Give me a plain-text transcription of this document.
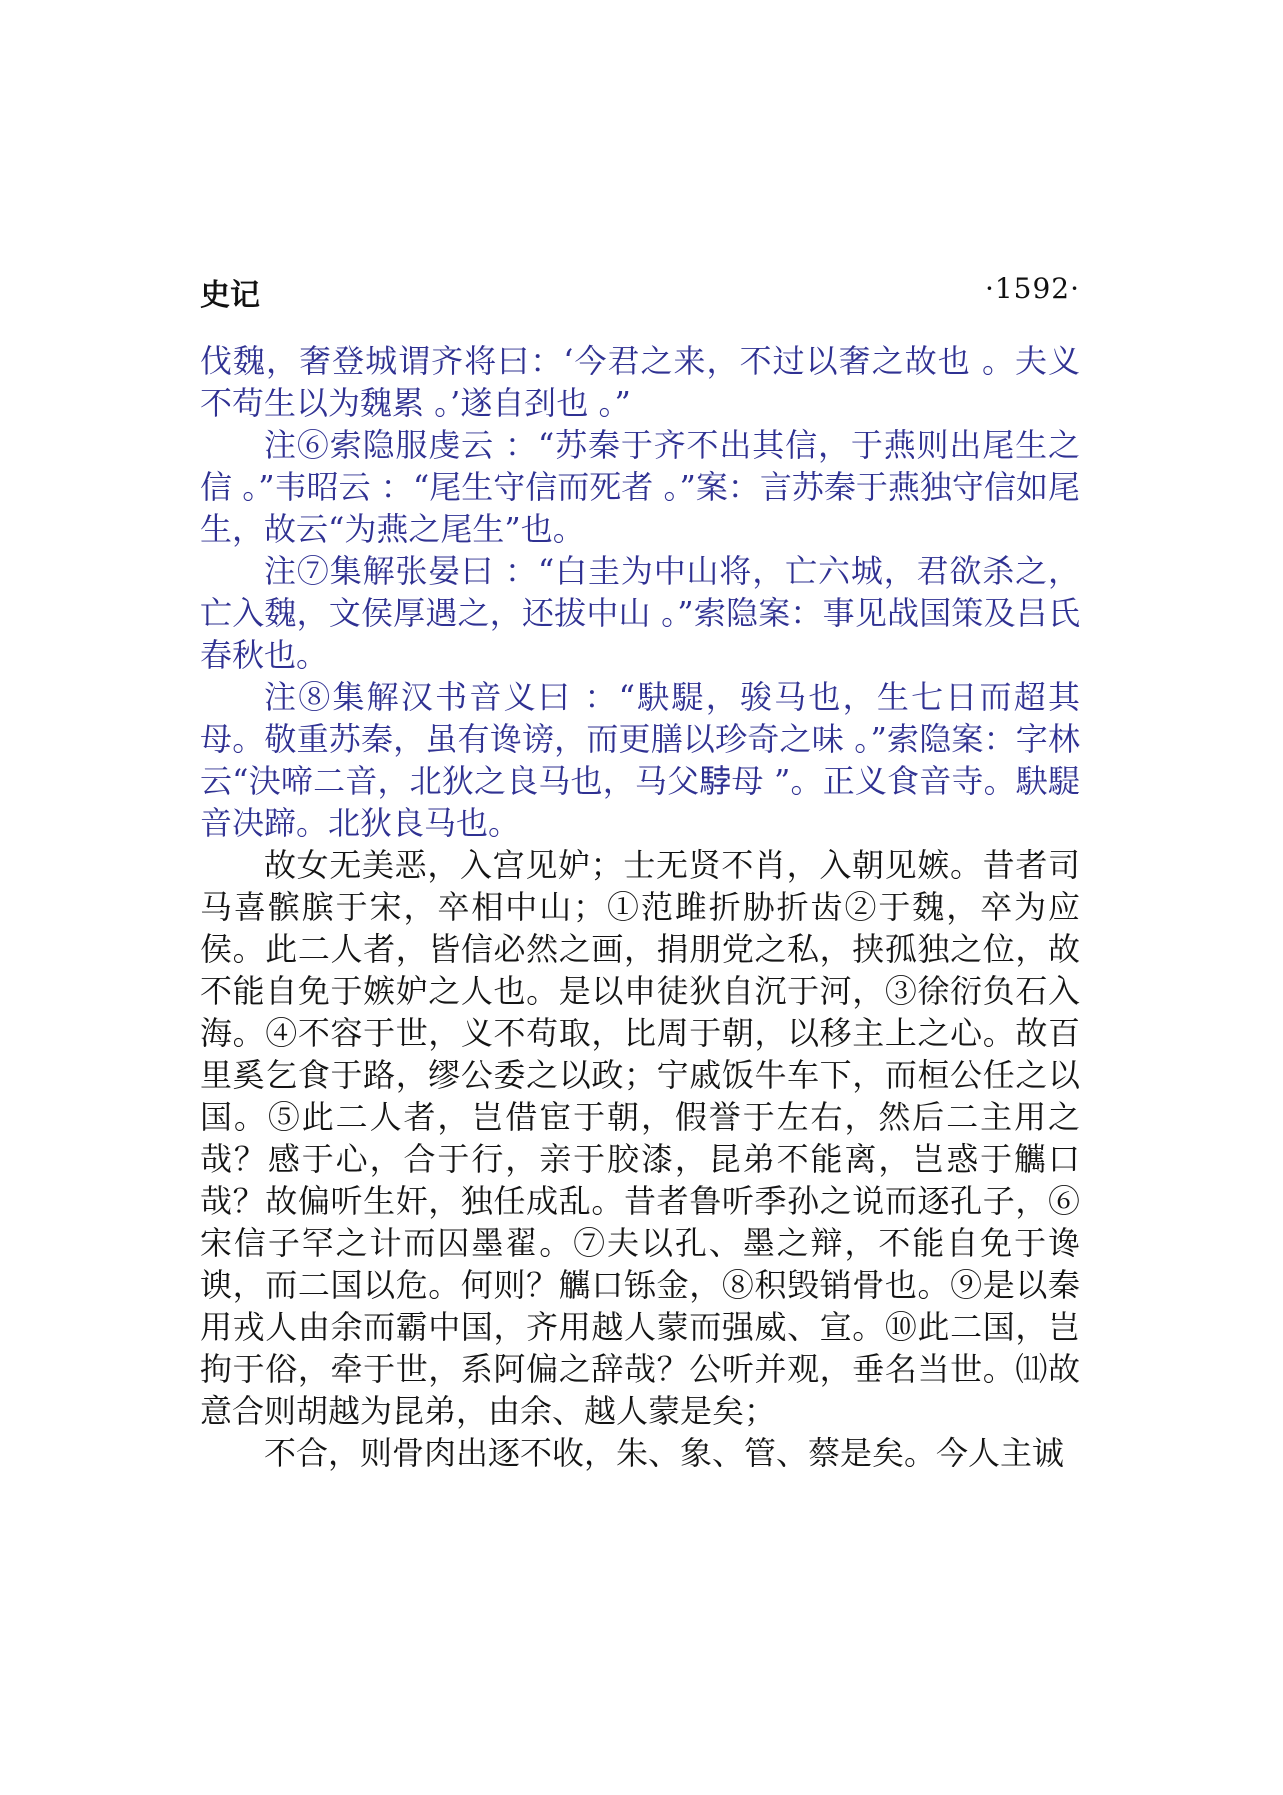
史记	·1592·

伐魏，奢登城谓齐将曰：‘今君之来，不过以奢之故也 。夫义不苟生以为魏累 。’遂自刭也 。”

注⑥索隐服虔云 ：“苏秦于齐不出其信，于燕则出尾生之信 。”韦昭云 ：“尾生守信而死者 。”案：言苏秦于燕独守信如尾生，故云“为燕之尾生”也。

注⑦集解张晏曰 ：“白圭为中山将，亡六城，君欲杀之，亡入魏，文侯厚遇之，还拔中山 。”索隐案：事见战国策及吕氏春秋也。

注⑧集解汉书音义曰 ：“駃騠，骏马也，生七日而超其母。敬重苏秦，虽有谗谤，而更膳以珍奇之味 。”索隐案：字林云“決啼二音，北狄之良马也，马父𩣡母 ”。正义食音寺。駃騠音决蹄。北狄良马也。

故女无美恶，入宫见妒；士无贤不肖，入朝见嫉。昔者司马喜髌膑于宋，卒相中山；①范雎折胁折齿②于魏，卒为应侯。此二人者，皆信必然之画，捐朋党之私，挟孤独之位，故不能自免于嫉妒之人也。是以申徒狄自沉于河，③徐衍负石入海。④不容于世，义不苟取，比周于朝，以移主上之心。故百里奚乞食于路，缪公委之以政；宁戚饭牛车下，而桓公任之以国。⑤此二人者，岂借宦于朝，假誉于左右，然后二主用之哉？感于心，合于行，亲于胶漆，昆弟不能离，岂惑于觽口哉？故偏听生奸，独任成乱。昔者鲁听季孙之说而逐孔子，⑥宋信子罕之计而囚墨翟。⑦夫以孔、墨之辩，不能自免于谗谀，而二国以危。何则？觽口铄金，⑧积毁销骨也。⑨是以秦用戎人由余而霸中国，齐用越人蒙而强威、宣。⑩此二国，岂拘于俗，牵于世，系阿偏之辞哉？公听并观，垂名当世。⑾故意合则胡越为昆弟，由余、越人蒙是矣；

不合，则骨肉出逐不收，朱、象、管、蔡是矣。今人主诚
